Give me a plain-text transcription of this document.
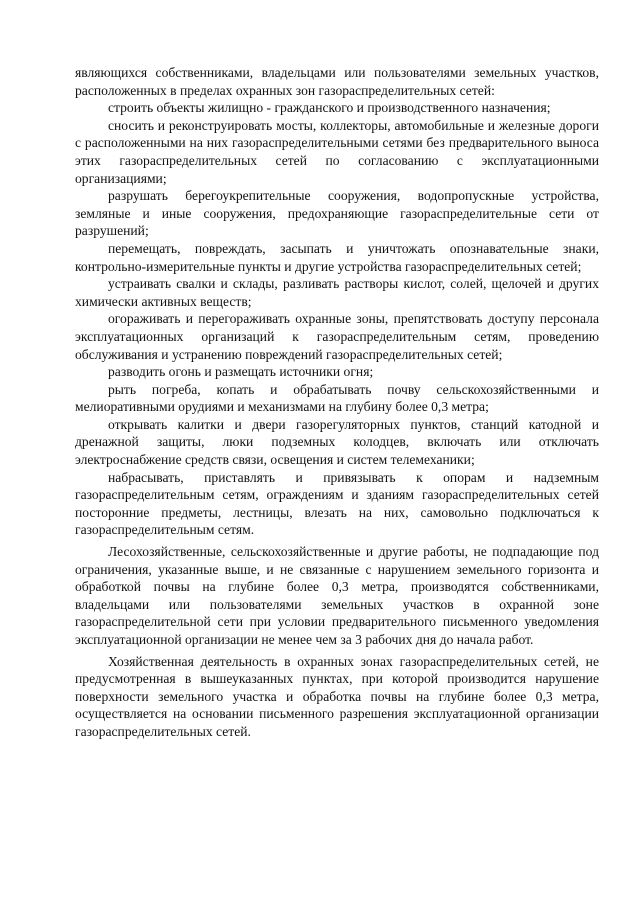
являющихся собственниками, владельцами или пользователями земельных участков, расположенных в пределах охранных зон газораспределительных сетей:

строить объекты жилищно - гражданского и производственного назначения;

сносить и реконструировать мосты, коллекторы, автомобильные и железные дороги с расположенными на них газораспределительными сетями без предварительного выноса этих газораспределительных сетей по согласованию с эксплуатационными организациями;

разрушать берегоукрепительные сооружения, водопропускные устройства, земляные и иные сооружения, предохраняющие газораспределительные сети от разрушений;

перемещать, повреждать, засыпать и уничтожать опознавательные знаки, контрольно-измерительные пункты и другие устройства газораспределительных сетей;

устраивать свалки и склады, разливать растворы кислот, солей, щелочей и других химически активных веществ;

огораживать и перегораживать охранные зоны, препятствовать доступу персонала эксплуатационных организаций к газораспределительным сетям, проведению обслуживания и устранению повреждений газораспределительных сетей;

разводить огонь и размещать источники огня;

рыть погреба, копать и обрабатывать почву сельскохозяйственными и мелиоративными орудиями и механизмами на глубину более 0,3 метра;

открывать калитки и двери газорегуляторных пунктов, станций катодной и дренажной защиты, люки подземных колодцев, включать или отключать электроснабжение средств связи, освещения и систем телемеханики;

набрасывать, приставлять и привязывать к опорам и надземным газораспределительным сетям, ограждениям и зданиям газораспределительных сетей посторонние предметы, лестницы, влезать на них, самовольно подключаться к газораспределительным сетям.

Лесохозяйственные, сельскохозяйственные и другие работы, не подпадающие под ограничения, указанные выше, и не связанные с нарушением земельного горизонта и обработкой почвы на глубине более 0,3 метра, производятся собственниками, владельцами или пользователями земельных участков в охранной зоне газораспределительной сети при условии предварительного письменного уведомления эксплуатационной организации не менее чем за 3 рабочих дня до начала работ.

Хозяйственная деятельность в охранных зонах газораспределительных сетей, не предусмотренная в вышеуказанных пунктах, при которой производится нарушение поверхности земельного участка и обработка почвы на глубине более 0,3 метра, осуществляется на основании письменного разрешения эксплуатационной организации газораспределительных сетей.
